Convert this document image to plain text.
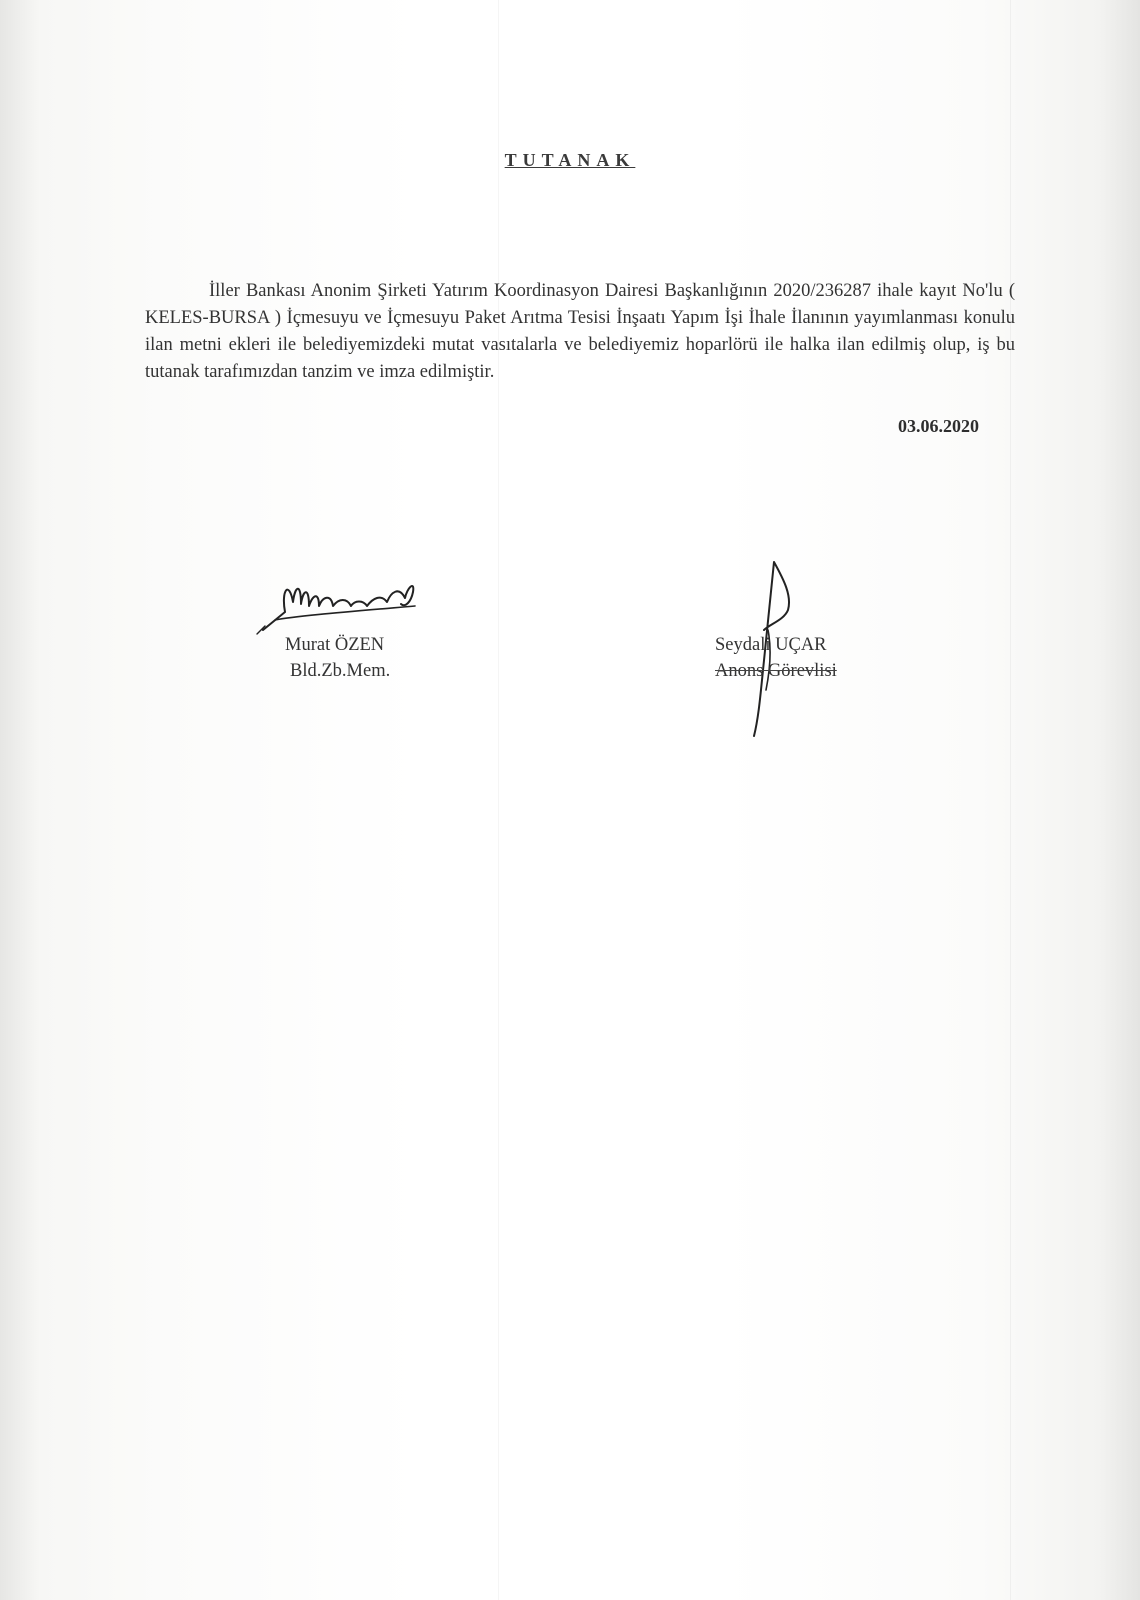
TUTANAK
İller Bankası Anonim Şirketi Yatırım Koordinasyon Dairesi Başkanlığının 2020/236287 ihale kayıt No'lu ( KELES-BURSA ) İçmesuyu ve İçmesuyu Paket Arıtma Tesisi İnşaatı Yapım İşi İhale İlanının yayımlanması konulu ilan metni ekleri ile belediyemizdeki mutat vasıtalarla ve belediyemiz hoparlörü ile halka ilan edilmiş olup, iş bu tutanak tarafımızdan tanzim ve imza edilmiştir.
03.06.2020
Murat ÖZEN
Bld.Zb.Mem.
Seydali UÇAR
Anons Görevlisi
